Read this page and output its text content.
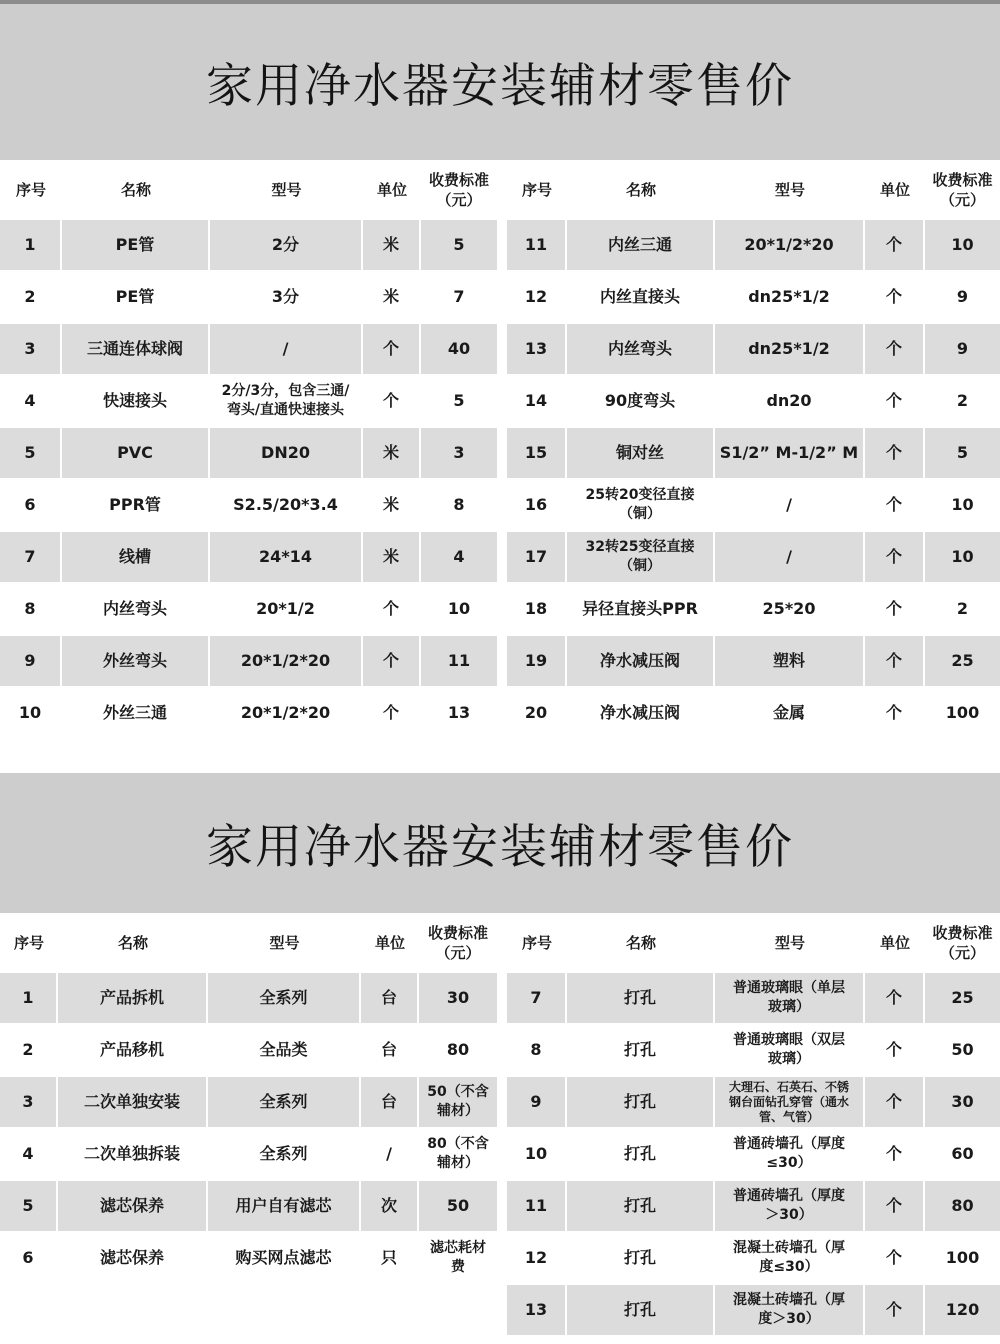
家用净水器安装辅材零售价
序号	名称	型号	单位	收费标准
（元）
1	PE管	2分	米	5
2	PE管	3分	米	7
3	三通连体球阀	/	个	40
4	快速接头	2分/3分，包含三通/
弯头/直通快速接头	个	5
5	PVC	DN20	米	3
6	PPR管	S2.5/20*3.4	米	8
7	线槽	24*14	米	4
8	内丝弯头	20*1/2	个	10
9	外丝弯头	20*1/2*20	个	11
10	外丝三通	20*1/2*20	个	13
序号	名称	型号	单位	收费标准
（元）
11	内丝三通	20*1/2*20	个	10
12	内丝直接头	dn25*1/2	个	9
13	内丝弯头	dn25*1/2	个	9
14	90度弯头	dn20	个	2
15	铜对丝	S1/2” M-1/2” M	个	5
16	25转20变径直接
（铜）	/	个	10
17	32转25变径直接
（铜）	/	个	10
18	异径直接头PPR	25*20	个	2
19	净水减压阀	塑料	个	25
20	净水减压阀	金属	个	100
家用净水器安装辅材零售价
序号	名称	型号	单位	收费标准
（元）
1	产品拆机	全系列	台	30
2	产品移机	全品类	台	80
3	二次单独安装	全系列	台	50（不含
辅材）
4	二次单独拆装	全系列	/	80（不含
辅材）
5	滤芯保养	用户自有滤芯	次	50
6	滤芯保养	购买网点滤芯	只	滤芯耗材
费
序号	名称	型号	单位	收费标准
（元）
7	打孔	普通玻璃眼（单层
玻璃）	个	25
8	打孔	普通玻璃眼（双层
玻璃）	个	50
9	打孔	大理石、石英石、不锈
钢台面钻孔穿管（通水
管、气管）	个	30
10	打孔	普通砖墙孔（厚度
≤30）	个	60
11	打孔	普通砖墙孔（厚度
＞30）	个	80
12	打孔	混凝土砖墙孔（厚
度≤30）	个	100
13	打孔	混凝土砖墙孔（厚
度＞30）	个	120
